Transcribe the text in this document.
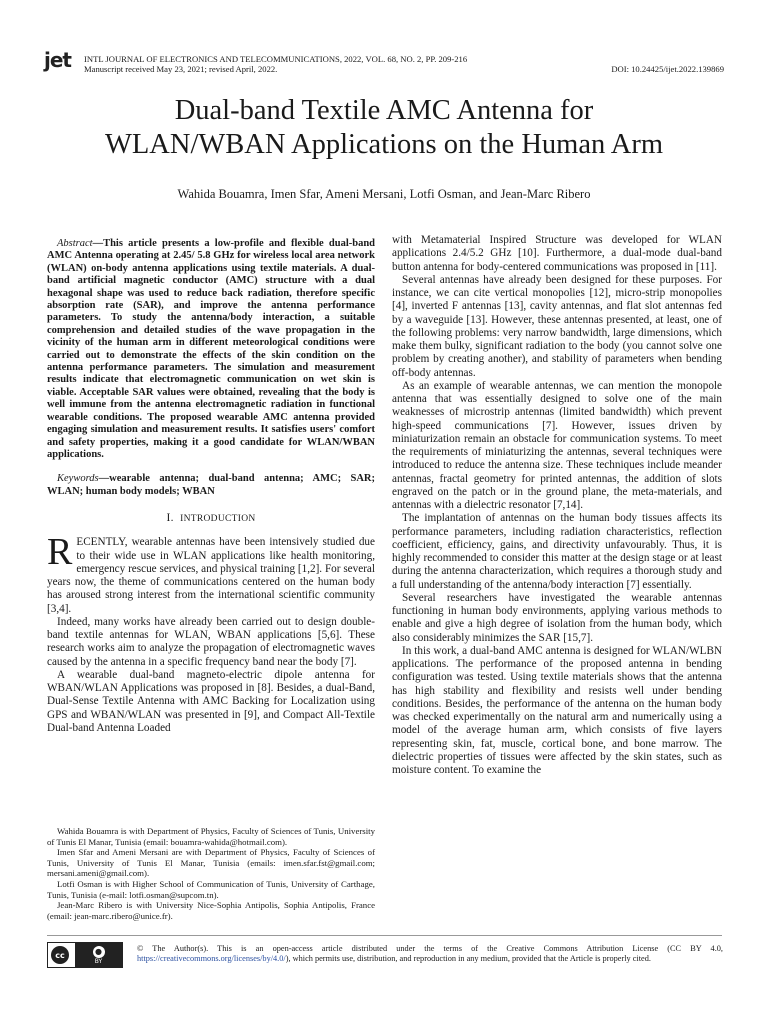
jet INTL JOURNAL OF ELECTRONICS AND TELECOMMUNICATIONS, 2022, VOL. 68, NO. 2, PP. 209-216
Manuscript received May 23, 2021; revised April, 2022.	DOI: 10.24425/ijet.2022.139869
Dual-band Textile AMC Antenna for
WLAN/WBAN Applications on the Human Arm
Wahida Bouamra, Imen Sfar, Ameni Mersani, Lotfi Osman, and Jean-Marc Ribero

Abstract—This article presents a low-profile and flexible dual-band AMC Antenna operating at 2.45/ 5.8 GHz for wireless local area network (WLAN) on-body antenna applications using textile materials. A dual-band artificial magnetic conductor (AMC) structure with a dual hexagonal shape was used to reduce back radiation, therefore specific absorption rate (SAR), and improve the antenna performance parameters. To study the antenna/body interaction, a suitable comprehension and detailed studies of the wave propagation in the vicinity of the human arm in different meteorological conditions were carried out to demonstrate the effects of the skin condition on the antenna performance parameters. The simulation and measurement results indicate that electromagnetic communication on wet skin is viable. Acceptable SAR values were obtained, revealing that the body is well immune from the antenna electromagnetic radiation in functional wearable conditions. The proposed wearable AMC antenna provided engaging simulation and measurement results. It satisfies users' comfort and safety properties, making it a good candidate for WLAN/WBAN applications.

Keywords—wearable antenna; dual-band antenna; AMC; SAR; WLAN; human body models; WBAN

I. INTRODUCTION

RECENTLY, wearable antennas have been intensively studied due to their wide use in WLAN applications like health monitoring, emergency rescue services, and physical training [1,2]. For several years now, the theme of communications centered on the human body has aroused strong interest from the international scientific community [3,4].

Indeed, many works have already been carried out to design double-band textile antennas for WLAN, WBAN applications [5,6]. These research works aim to analyze the propagation of electromagnetic waves caused by the antenna in a specific frequency band near the body [7].

A wearable dual-band magneto-electric dipole antenna for WBAN/WLAN Applications was proposed in [8]. Besides, a dual-Band, Dual-Sense Textile Antenna with AMC Backing for Localization using GPS and WBAN/WLAN was presented in [9], and Compact All-Textile Dual-band Antenna Loaded

with Metamaterial Inspired Structure was developed for WLAN applications 2.4/5.2 GHz [10]. Furthermore, a dual-mode dual-band button antenna for body-centered communications was proposed in [11].

Several antennas have already been designed for these purposes. For instance, we can cite vertical monopolies [12], micro-strip monopolies [4], inverted F antennas [13], cavity antennas, and flat slot antennas fed by a waveguide [13]. However, these antennas presented, at least, one of the following problems: very narrow bandwidth, large dimensions, which make them bulky, significant radiation to the body (you cannot solve one problem by creating another), and stability of parameters when bending off-body antennas.

As an example of wearable antennas, we can mention the monopole antenna that was essentially designed to solve one of the main weaknesses of microstrip antennas (limited bandwidth) which prevent high-speed communications [7]. However, issues driven by miniaturization remain an obstacle for communication systems. To meet the requirements of miniaturizing the antennas, several techniques were introduced to reduce the antenna size. These techniques include meander antennas, fractal geometry for printed antennas, the addition of slots engraved on the patch or in the ground plane, the meta-materials, and antennas with a dielectric resonator [7,14].

The implantation of antennas on the human body tissues affects its performance parameters, including radiation characteristics, reflection coefficient, efficiency, gains, and directivity unfavourably. Thus, it is highly recommended to consider this matter at the design stage or at least during the antenna characterization, which requires a thorough study and a full understanding of the antenna/body interaction [7] essentially.

Several researchers have investigated the wearable antennas functioning in human body environments, applying various methods to enable and give a high degree of isolation from the human body, which also considerably minimizes the SAR [15,7].

In this work, a dual-band AMC antenna is designed for WLAN/WLBN applications. The performance of the proposed antenna in bending configuration was tested. Using textile materials shows that the antenna has high stability and flexibility and resists well under bending conditions. Besides, the performance of the antenna on the human body was checked experimentally on the natural arm and numerically using a model of the average human arm, which consists of five layers representing skin, fat, muscle, cortical bone, and bone marrow. The dielectric properties of tissues were affected by the skin states, such as moisture content. To examine the

Wahida Bouamra is with Department of Physics, Faculty of Sciences of Tunis, University of Tunis El Manar, Tunisia (email: bouamra-wahida@hotmail.com).

Imen Sfar and Ameni Mersani are with Department of Physics, Faculty of Sciences of Tunis, University of Tunis El Manar, Tunisia (emails: imen.sfar.fst@gmail.com; mersani.ameni@gmail.com).

Lotfi Osman is with Higher School of Communication of Tunis, University of Carthage, Tunis, Tunisia (e-mail: lotfi.osman@supcom.tn).

Jean-Marc Ribero is with University Nice-Sophia Antipolis, Sophia Antipolis, France (email: jean-marc.ribero@unice.fr).

cc	●
BY
© The Author(s). This is an open-access article distributed under the terms of the Creative Commons Attribution License (CC BY 4.0, https://creativecommons.org/licenses/by/4.0/), which permits use, distribution, and reproduction in any medium, provided that the Article is properly cited.
